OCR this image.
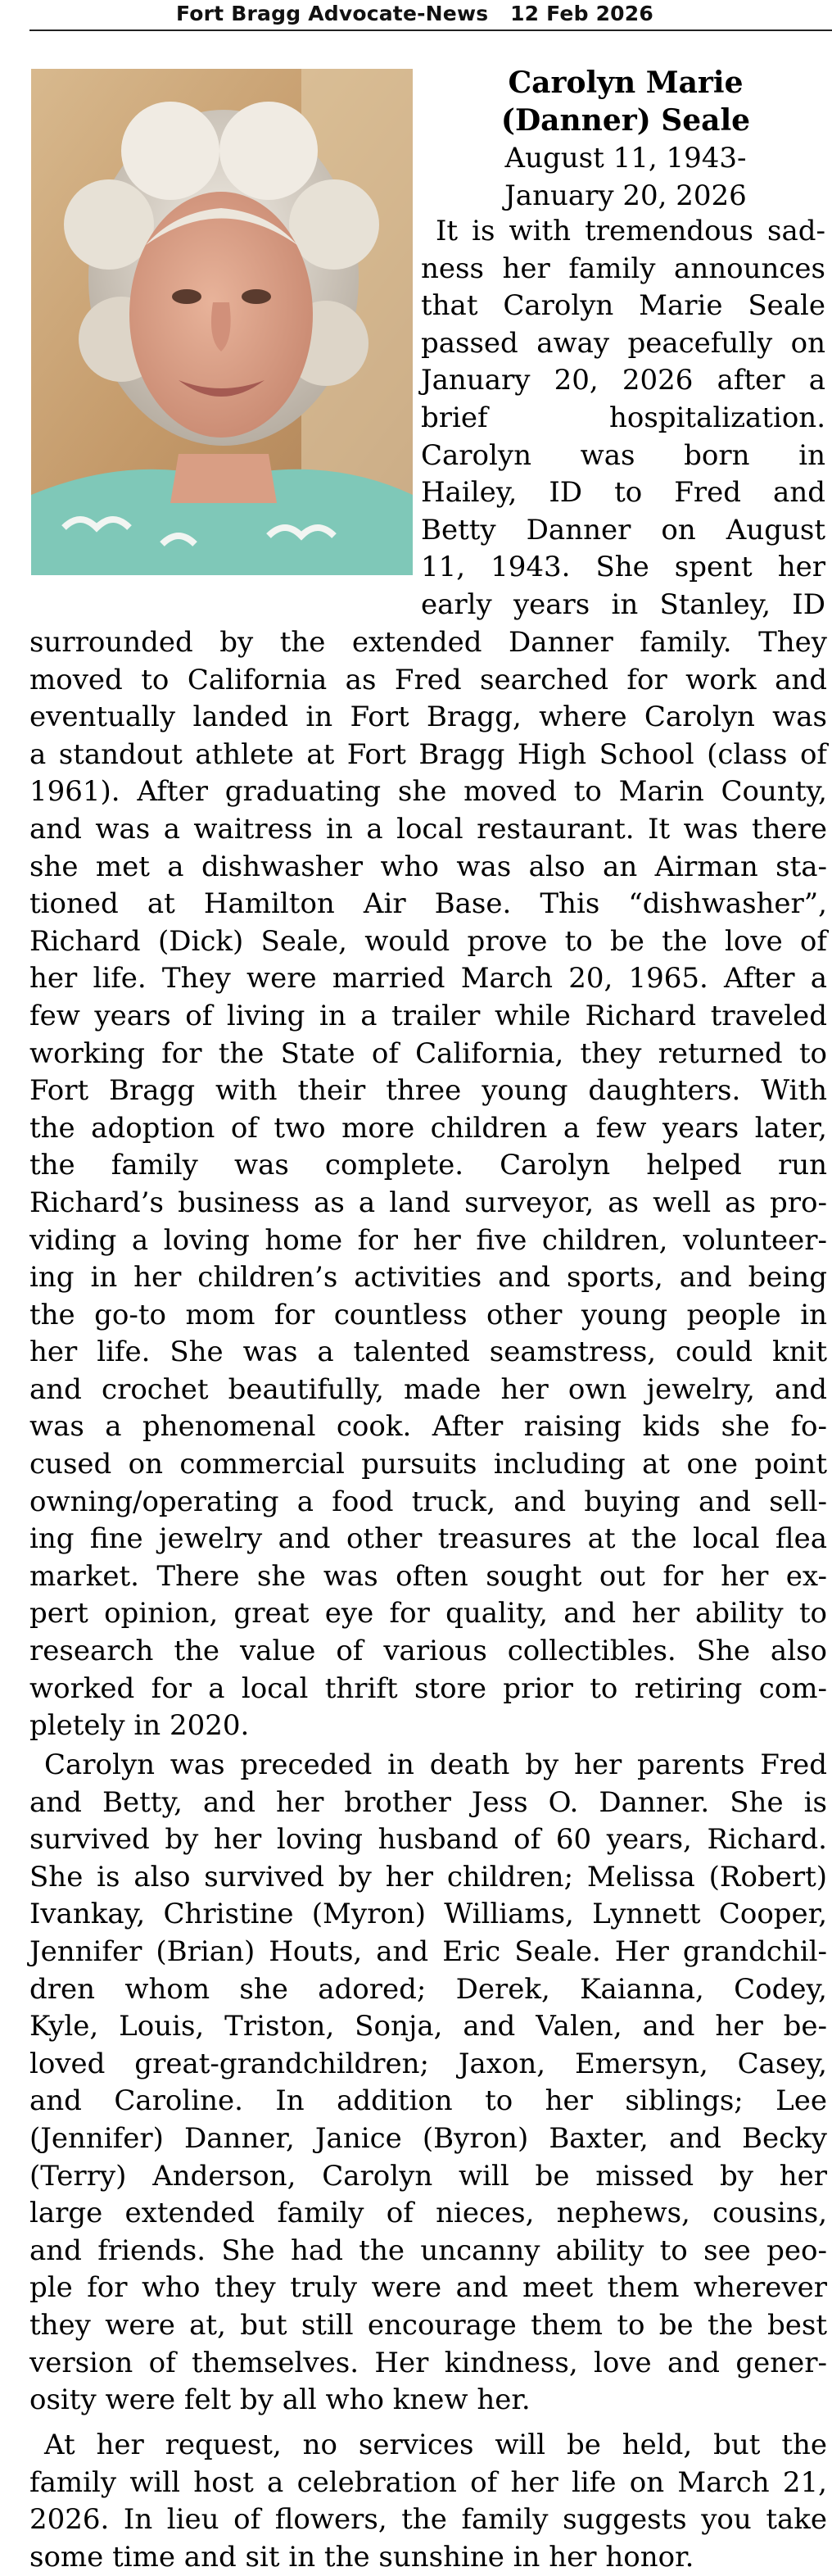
Fort Bragg Advocate-News 12 Feb 2026
Carolyn Marie
(Danner) Seale
August 11, 1943-
January 20, 2026
It is with tremendous sad-
ness her family announces
that Carolyn Marie Seale
passed away peacefully on
January 20, 2026 after a
brief hospitalization.
Carolyn was born in
Hailey, ID to Fred and
Betty Danner on August
11, 1943. She spent her
early years in Stanley, ID
surrounded by the extended Danner family. They
moved to California as Fred searched for work and
eventually landed in Fort Bragg, where Carolyn was
a standout athlete at Fort Bragg High School (class of
1961). After graduating she moved to Marin County,
and was a waitress in a local restaurant. It was there
she met a dishwasher who was also an Airman sta-
tioned at Hamilton Air Base. This “dishwasher”,
Richard (Dick) Seale, would prove to be the love of
her life. They were married March 20, 1965. After a
few years of living in a trailer while Richard traveled
working for the State of California, they returned to
Fort Bragg with their three young daughters. With
the adoption of two more children a few years later,
the family was complete. Carolyn helped run
Richard’s business as a land surveyor, as well as pro-
viding a loving home for her five children, volunteer-
ing in her children’s activities and sports, and being
the go-to mom for countless other young people in
her life. She was a talented seamstress, could knit
and crochet beautifully, made her own jewelry, and
was a phenomenal cook. After raising kids she fo-
cused on commercial pursuits including at one point
owning/operating a food truck, and buying and sell-
ing fine jewelry and other treasures at the local flea
market. There she was often sought out for her ex-
pert opinion, great eye for quality, and her ability to
research the value of various collectibles. She also
worked for a local thrift store prior to retiring com-
pletely in 2020.
Carolyn was preceded in death by her parents Fred
and Betty, and her brother Jess O. Danner. She is
survived by her loving husband of 60 years, Richard.
She is also survived by her children; Melissa (Robert)
Ivankay, Christine (Myron) Williams, Lynnett Cooper,
Jennifer (Brian) Houts, and Eric Seale. Her grandchil-
dren whom she adored; Derek, Kaianna, Codey,
Kyle, Louis, Triston, Sonja, and Valen, and her be-
loved great-grandchildren; Jaxon, Emersyn, Casey,
and Caroline. In addition to her siblings; Lee
(Jennifer) Danner, Janice (Byron) Baxter, and Becky
(Terry) Anderson, Carolyn will be missed by her
large extended family of nieces, nephews, cousins,
and friends. She had the uncanny ability to see peo-
ple for who they truly were and meet them wherever
they were at, but still encourage them to be the best
version of themselves. Her kindness, love and gener-
osity were felt by all who knew her.
At her request, no services will be held, but the
family will host a celebration of her life on March 21,
2026. In lieu of flowers, the family suggests you take
some time and sit in the sunshine in her honor.
